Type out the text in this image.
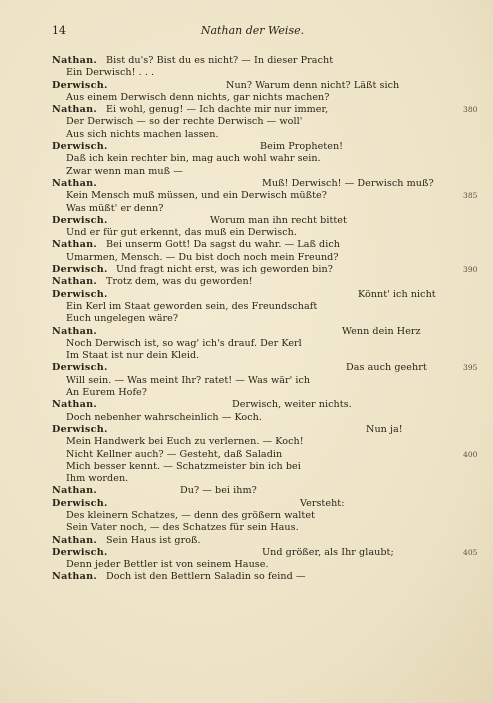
14	Nathan der Weise.
Nathan. Bist du's? Bist du es nicht? — In dieser Pracht
Ein Derwisch! . . .
Derwisch.	Nun? Warum denn nicht? Läßt sich
Aus einem Derwisch denn nichts, gar nichts machen?
Nathan. Ei wohl, genug! — Ich dachte mir nur immer,	380
Der Derwisch — so der rechte Derwisch — woll'
Aus sich nichts machen lassen.
Derwisch.	Beim Propheten!
Daß ich kein rechter bin, mag auch wohl wahr sein.
Zwar wenn man muß —
Nathan.	Muß! Derwisch! — Derwisch muß?
Kein Mensch muß müssen, und ein Derwisch müßte?	385
Was müßt' er denn?
Derwisch.	Worum man ihn recht bittet
Und er für gut erkennt, das muß ein Derwisch.
Nathan. Bei unserm Gott! Da sagst du wahr. — Laß dich
Umarmen, Mensch. — Du bist doch noch mein Freund?
Derwisch. Und fragt nicht erst, was ich geworden bin?	390
Nathan. Trotz dem, was du geworden!
Derwisch.	Könnt' ich nicht
Ein Kerl im Staat geworden sein, des Freundschaft
Euch ungelegen wäre?
Nathan.	Wenn dein Herz
Noch Derwisch ist, so wag' ich's drauf. Der Kerl
Im Staat ist nur dein Kleid.
Derwisch.	Das auch geehrt	395
Will sein. — Was meint Ihr? ratet! — Was wär' ich
An Eurem Hofe?
Nathan.	Derwisch, weiter nichts.
Doch nebenher wahrscheinlich — Koch.
Derwisch.	Nun ja!
Mein Handwerk bei Euch zu verlernen. — Koch!
Nicht Kellner auch? — Gesteht, daß Saladin	400
Mich besser kennt. — Schatzmeister bin ich bei
Ihm worden.
Nathan.	Du? — bei ihm?
Derwisch.	Versteht:
Des kleinern Schatzes, — denn des größern waltet
Sein Vater noch, — des Schatzes für sein Haus.
Nathan. Sein Haus ist groß.
Derwisch.	Und größer, als Ihr glaubt;	405
Denn jeder Bettler ist von seinem Hause.
Nathan. Doch ist den Bettlern Saladin so feind —
